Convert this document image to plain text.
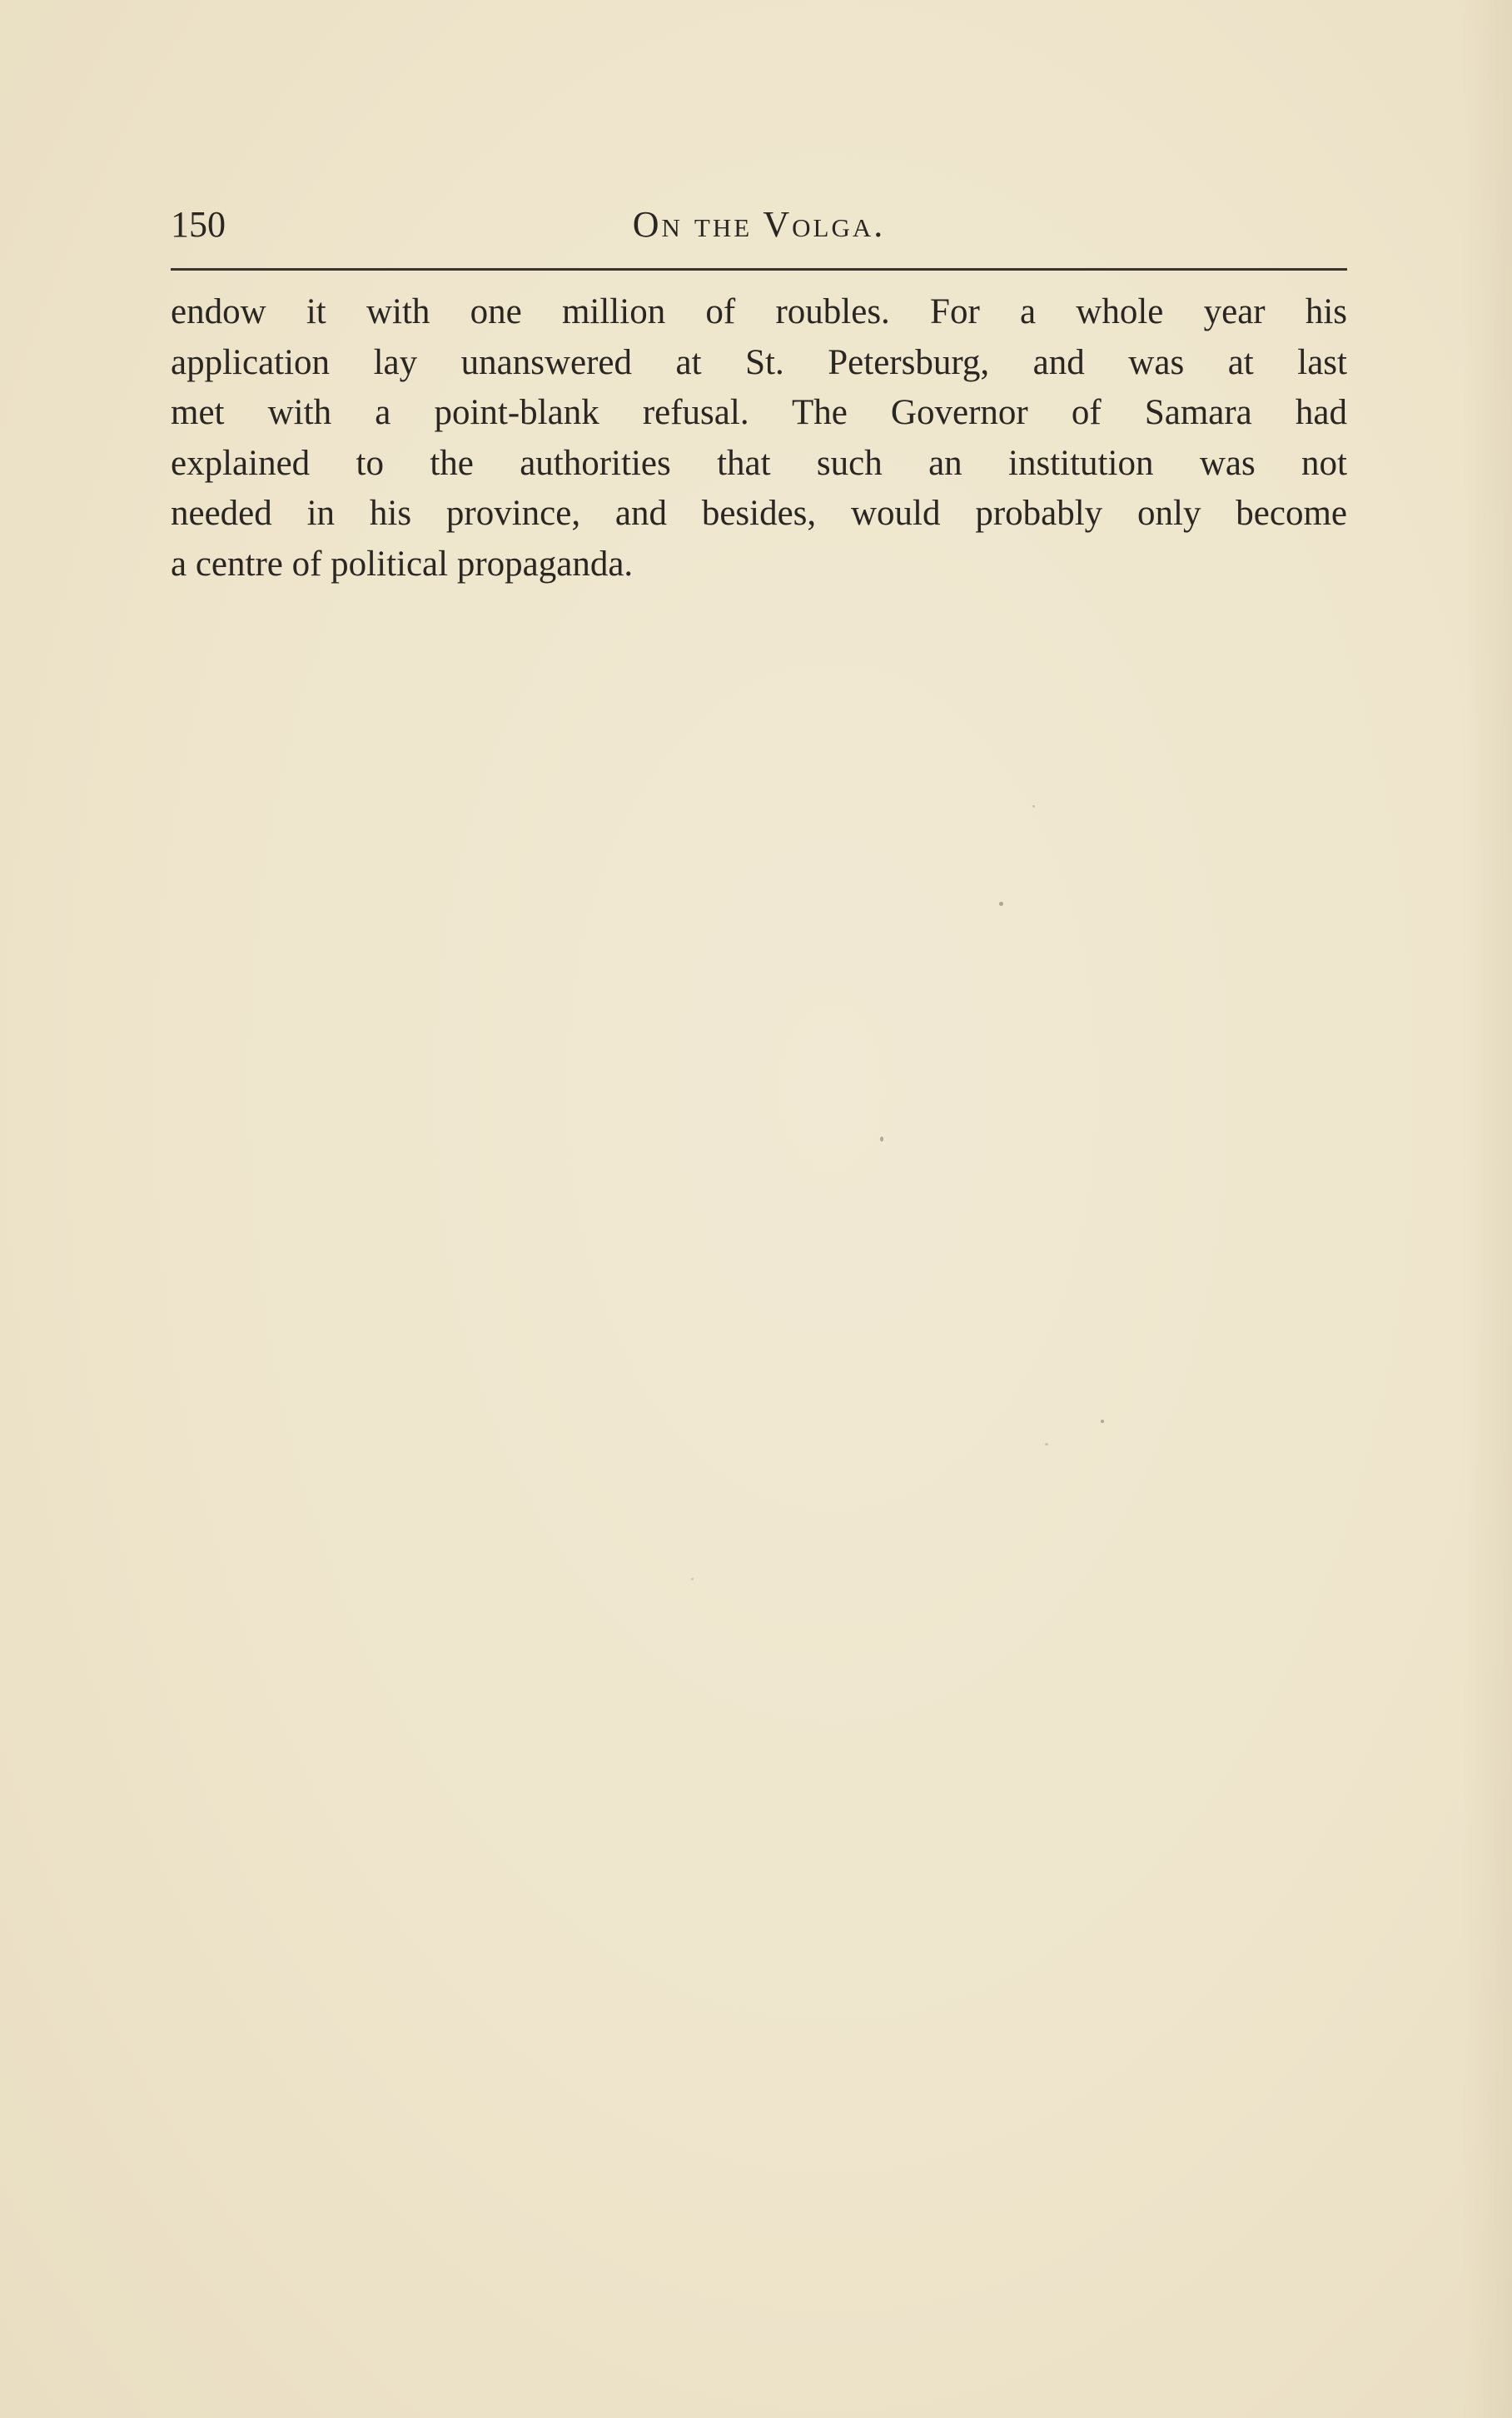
150	On the Volga.
endow it with one million of roubles. For a whole year his
application lay unanswered at St. Petersburg, and was at last
met with a point-blank refusal. The Governor of Samara had
explained to the authorities that such an institution was not
needed in his province, and besides, would probably only become
a centre of political propaganda.
